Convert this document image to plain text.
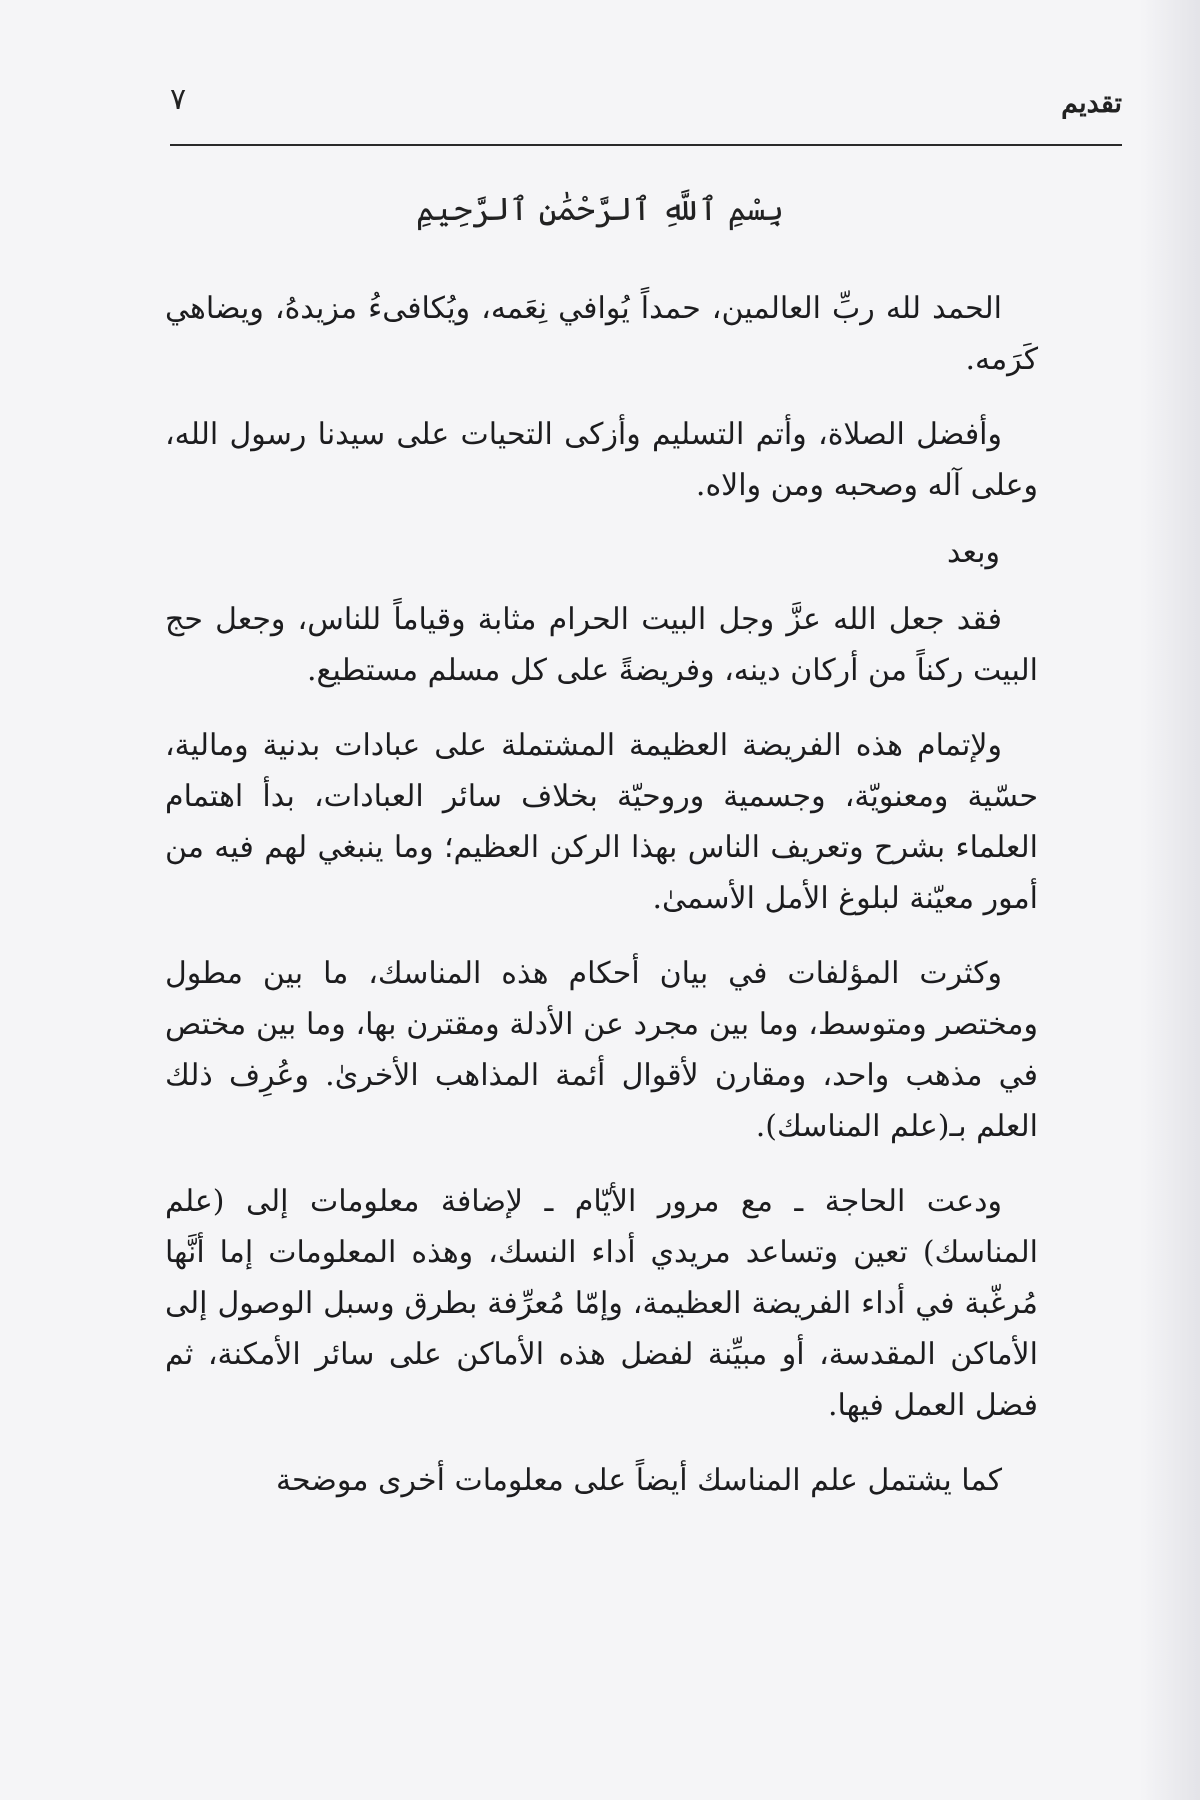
تقديم
٧
بِسْمِ ٱللَّهِ ٱلرَّحْمَٰنِ ٱلرَّحِيمِ

الحمد لله ربِّ العالمين، حمداً يُوافي نِعَمه، ويُكافىءُ مزيدهُ، ويضاهي كَرَمه.

وأفضل الصلاة، وأتم التسليم وأزكى التحيات على سيدنا رسول الله، وعلى آله وصحبه ومن والاه.

وبعد

فقد جعل الله عزَّ وجل البيت الحرام مثابة وقياماً للناس، وجعل حج البيت ركناً من أركان دينه، وفريضةً على كل مسلم مستطيع.

ولإتمام هذه الفريضة العظيمة المشتملة على عبادات بدنية ومالية، حسّية ومعنويّة، وجسمية وروحيّة بخلاف سائر العبادات، بدأ اهتمام العلماء بشرح وتعريف الناس بهذا الركن العظيم؛ وما ينبغي لهم فيه من أمور معيّنة لبلوغ الأمل الأسمىٰ.

وكثرت المؤلفات في بيان أحكام هذه المناسك، ما بين مطول ومختصر ومتوسط، وما بين مجرد عن الأدلة ومقترن بها، وما بين مختص في مذهب واحد، ومقارن لأقوال أئمة المذاهب الأخرىٰ. وعُرِف ذلك العلم بـ(علم المناسك).

ودعت الحاجة ـ مع مرور الأيّام ـ لإضافة معلومات إلى (علم المناسك) تعين وتساعد مريدي أداء النسك، وهذه المعلومات إما أنَّها مُرغّبة في أداء الفريضة العظيمة، وإمّا مُعرِّفة بطرق وسبل الوصول إلى الأماكن المقدسة، أو مبيِّنة لفضل هذه الأماكن على سائر الأمكنة، ثم فضل العمل فيها.

كما يشتمل علم المناسك أيضاً على معلومات أخرى موضحة
